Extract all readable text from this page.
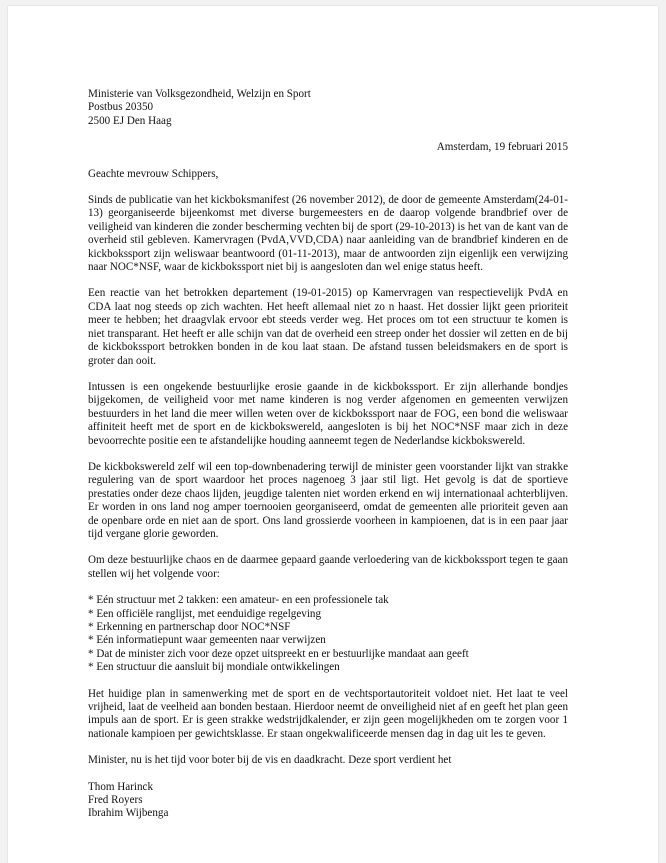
Ministerie van Volksgezondheid, Welzijn en Sport

Postbus 20350

2500 EJ Den Haag

Amsterdam, 19 februari 2015

Geachte mevrouw Schippers,

Sinds de publicatie van het kickboksmanifest (26 november 2012), de door de gemeente Amsterdam(24-01-13) georganiseerde bijeenkomst met diverse burgemeesters en de daarop volgende brandbrief over de veiligheid van kinderen die zonder bescherming vechten bij de sport (29-10-2013) is het van de kant van de overheid stil gebleven. Kamervragen (PvdA,VVD,CDA) naar aanleiding van de brandbrief kinderen en de kickbokssport zijn weliswaar beantwoord (01-11-2013), maar de antwoorden zijn eigenlijk een verwijzing naar NOC*NSF, waar de kickbokssport niet bij is aangesloten dan wel enige status heeft.

Een reactie van het betrokken departement (19-01-2015) op Kamervragen van respectievelijk PvdA en CDA laat nog steeds op zich wachten. Het heeft allemaal niet zo n haast. Het dossier lijkt geen prioriteit meer te hebben; het draagvlak ervoor ebt steeds verder weg. Het proces om tot een structuur te komen is niet transparant. Het heeft er alle schijn van dat de overheid een streep onder het dossier wil zetten en de bij de kickbokssport betrokken bonden in de kou laat staan. De afstand tussen beleidsmakers en de sport is groter dan ooit.

Intussen is een ongekende bestuurlijke erosie gaande in de kickbokssport. Er zijn allerhande bondjes bijgekomen, de veiligheid voor met name kinderen is nog verder afgenomen en gemeenten verwijzen bestuurders in het land die meer willen weten over de kickbokssport naar de FOG, een bond die weliswaar affiniteit heeft met de sport en de kickbokswereld, aangesloten is bij het NOC*NSF maar zich in deze bevoorrechte positie een te afstandelijke houding aanneemt tegen de Nederlandse kickbokswereld.

De kickbokswereld zelf wil een top-downbenadering terwijl de minister geen voorstander lijkt van strakke regulering van de sport waardoor het proces nagenoeg 3 jaar stil ligt. Het gevolg is dat de sportieve prestaties onder deze chaos lijden, jeugdige talenten niet worden erkend en wij internationaal achterblijven. Er worden in ons land nog amper toernooien georganiseerd, omdat de gemeenten alle prioriteit geven aan de openbare orde en niet aan de sport. Ons land grossierde voorheen in kampioenen, dat is in een paar jaar tijd vergane glorie geworden.

Om deze bestuurlijke chaos en de daarmee gepaard gaande verloedering van de kickbokssport tegen te gaan stellen wij het volgende voor:

* Eén structuur met 2 takken: een amateur- en een professionele tak
* Een officiële ranglijst, met eenduidige regelgeving
* Erkenning en partnerschap door NOC*NSF
* Eén informatiepunt waar gemeenten naar verwijzen
* Dat de minister zich voor deze opzet uitspreekt en er bestuurlijke mandaat aan geeft
* Een structuur die aansluit bij mondiale ontwikkelingen

Het huidige plan in samenwerking met de sport en de vechtsportautoriteit voldoet niet. Het laat te veel vrijheid, laat de veelheid aan bonden bestaan. Hierdoor neemt de onveiligheid niet af en geeft het plan geen impuls aan de sport. Er is geen strakke wedstrijdkalender, er zijn geen mogelijkheden om te zorgen voor 1 nationale kampioen per gewichtsklasse. Er staan ongekwalificeerde mensen dag in dag uit les te geven.

Minister, nu is het tijd voor boter bij de vis en daadkracht. Deze sport verdient het

Thom Harinck

Fred Royers

Ibrahim Wijbenga
